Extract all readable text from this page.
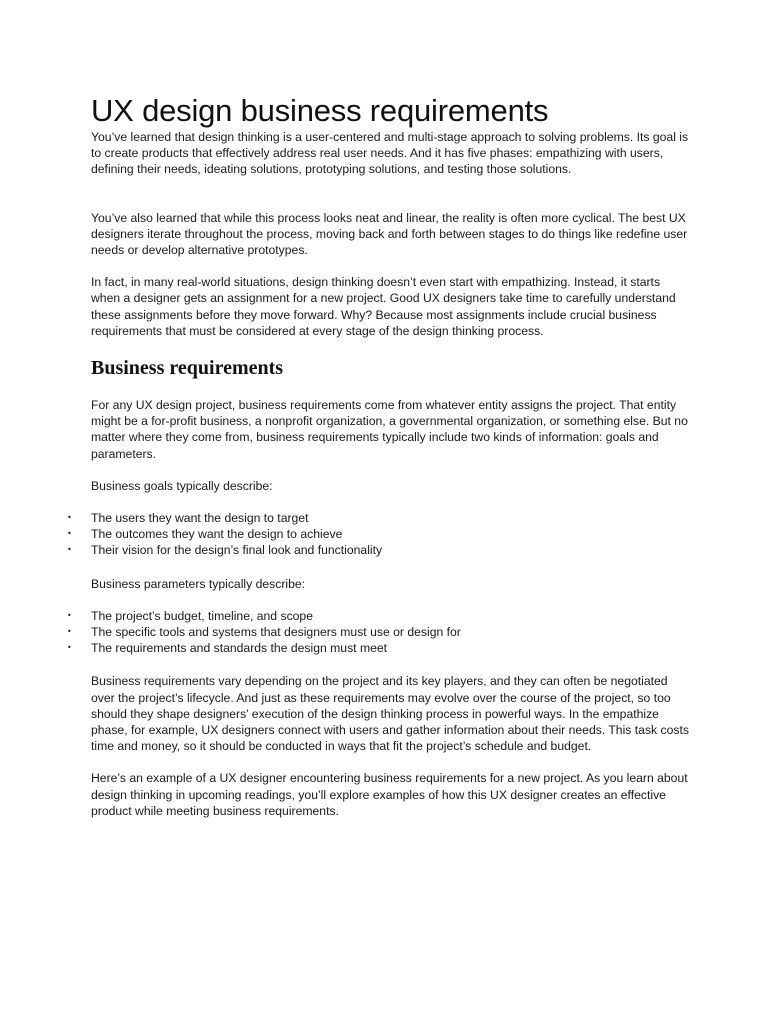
UX design business requirements

You’ve learned that design thinking is a user-centered and multi-stage approach to solving problems. Its goal is to create products that effectively address real user needs. And it has five phases: empathizing with users, defining their needs, ideating solutions, prototyping solutions, and testing those solutions.

You’ve also learned that while this process looks neat and linear, the reality is often more cyclical. The best UX designers iterate throughout the process, moving back and forth between stages to do things like redefine user needs or develop alternative prototypes.

In fact, in many real-world situations, design thinking doesn’t even start with empathizing. Instead, it starts when a designer gets an assignment for a new project. Good UX designers take time to carefully understand these assignments before they move forward. Why? Because most assignments include crucial business requirements that must be considered at every stage of the design thinking process.

Business requirements

For any UX design project, business requirements come from whatever entity assigns the project. That entity might be a for-profit business, a nonprofit organization, a governmental organization, or something else. But no matter where they come from, business requirements typically include two kinds of information: goals and parameters.

Business goals typically describe:

• The users they want the design to target
• The outcomes they want the design to achieve
• Their vision for the design’s final look and functionality

Business parameters typically describe:

• The project’s budget, timeline, and scope
• The specific tools and systems that designers must use or design for
• The requirements and standards the design must meet

Business requirements vary depending on the project and its key players, and they can often be negotiated over the project’s lifecycle. And just as these requirements may evolve over the course of the project, so too should they shape designers’ execution of the design thinking process in powerful ways. In the empathize phase, for example, UX designers connect with users and gather information about their needs. This task costs time and money, so it should be conducted in ways that fit the project’s schedule and budget.

Here’s an example of a UX designer encountering business requirements for a new project. As you learn about design thinking in upcoming readings, you’ll explore examples of how this UX designer creates an effective product while meeting business requirements.
